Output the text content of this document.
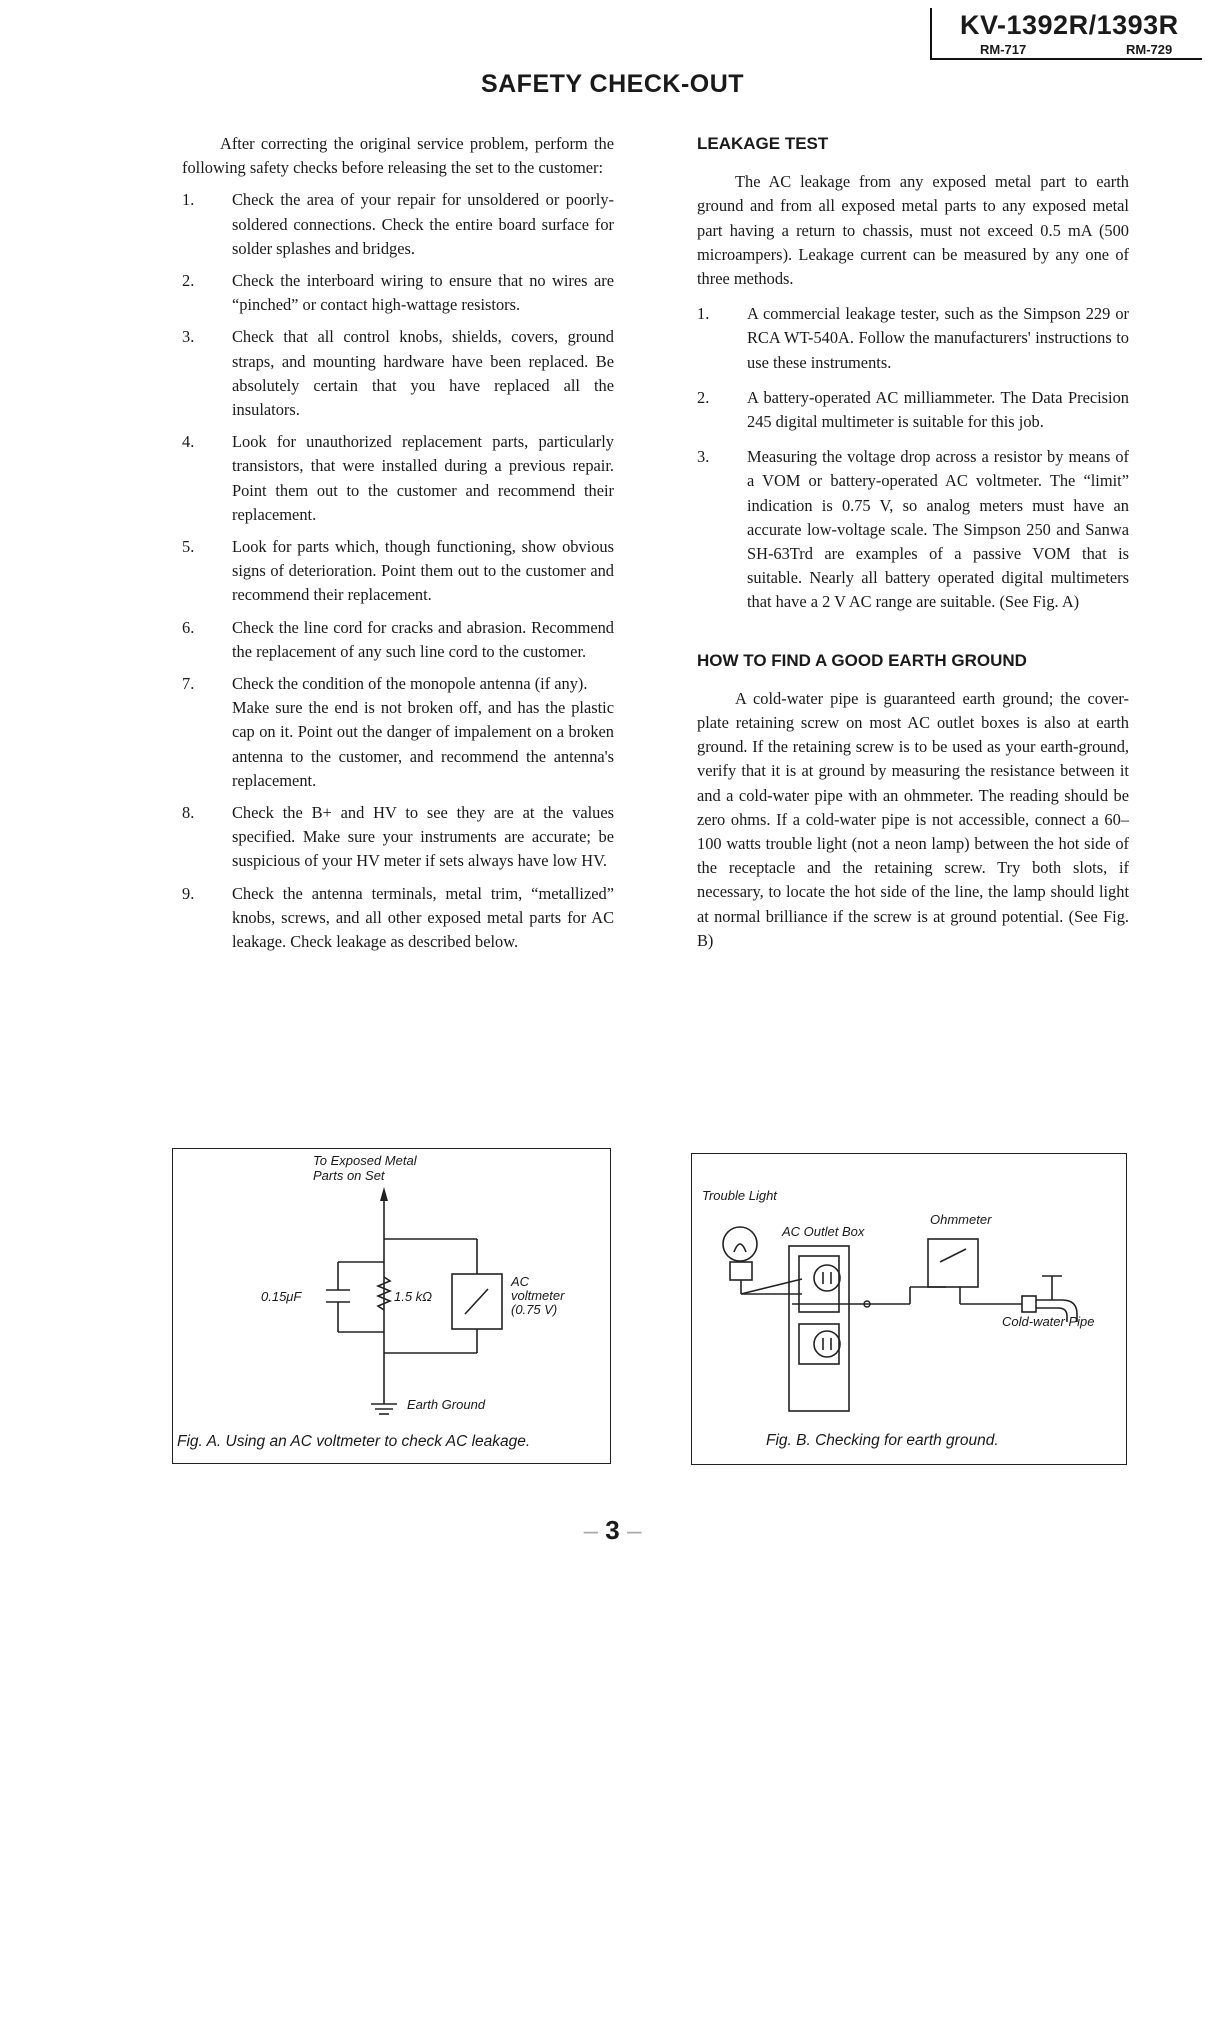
KV-1392R/1393R
RM-717	RM-729
SAFETY CHECK-OUT

After correcting the original service problem, perform the following safety checks before releasing the set to the customer:

1.	Check the area of your repair for unsoldered or poorly-soldered connections. Check the entire board surface for solder splashes and bridges.
2.	Check the interboard wiring to ensure that no wires are “pinched” or contact high-wattage resistors.
3.	Check that all control knobs, shields, covers, ground straps, and mounting hardware have been replaced. Be absolutely certain that you have replaced all the insulators.
4.	Look for unauthorized replacement parts, particularly transistors, that were installed during a previous repair. Point them out to the customer and recommend their replacement.
5.	Look for parts which, though functioning, show obvious signs of deterioration. Point them out to the customer and recommend their replacement.
6.	Check the line cord for cracks and abrasion. Recommend the replacement of any such line cord to the customer.
7.	Check the condition of the monopole antenna (if any).
Make sure the end is not broken off, and has the plastic cap on it. Point out the danger of impalement on a broken antenna to the customer, and recommend the antenna's replacement.
8.	Check the B+ and HV to see they are at the values specified. Make sure your instruments are accurate; be suspicious of your HV meter if sets always have low HV.
9.	Check the antenna terminals, metal trim, “metallized” knobs, screws, and all other exposed metal parts for AC leakage. Check leakage as described below.
LEAKAGE TEST

The AC leakage from any exposed metal part to earth ground and from all exposed metal parts to any exposed metal part having a return to chassis, must not exceed 0.5 mA (500 microampers). Leakage current can be measured by any one of three methods.

1.	A commercial leakage tester, such as the Simpson 229 or RCA WT-540A. Follow the manufacturers' instructions to use these instruments.
2.	A battery-operated AC milliammeter. The Data Precision 245 digital multimeter is suitable for this job.
3.	Measuring the voltage drop across a resistor by means of a VOM or battery-operated AC voltmeter. The “limit” indication is 0.75 V, so analog meters must have an accurate low-voltage scale. The Simpson 250 and Sanwa SH-63Trd are examples of a passive VOM that is suitable. Nearly all battery operated digital multimeters that have a 2 V AC range are suitable. (See Fig. A)
HOW TO FIND A GOOD EARTH GROUND

A cold-water pipe is guaranteed earth ground; the cover-plate retaining screw on most AC outlet boxes is also at earth ground. If the retaining screw is to be used as your earth-ground, verify that it is at ground by measuring the resistance between it and a cold-water pipe with an ohmmeter. The reading should be zero ohms. If a cold-water pipe is not accessible, connect a 60–100 watts trouble light (not a neon lamp) between the hot side of the receptacle and the retaining screw. Try both slots, if necessary, to locate the hot side of the line, the lamp should light at normal brilliance if the screw is at ground potential. (See Fig. B)

To Exposed Metal
Parts on Set
0.15μF	1.5 kΩ
AC
voltmeter
(0.75 V)
Earth Ground
Fig. A. Using an AC voltmeter to check AC leakage.
Trouble Light
AC Outlet Box
Ohmmeter
Cold-water Pipe
Fig. B. Checking for earth ground.
– 3 –
